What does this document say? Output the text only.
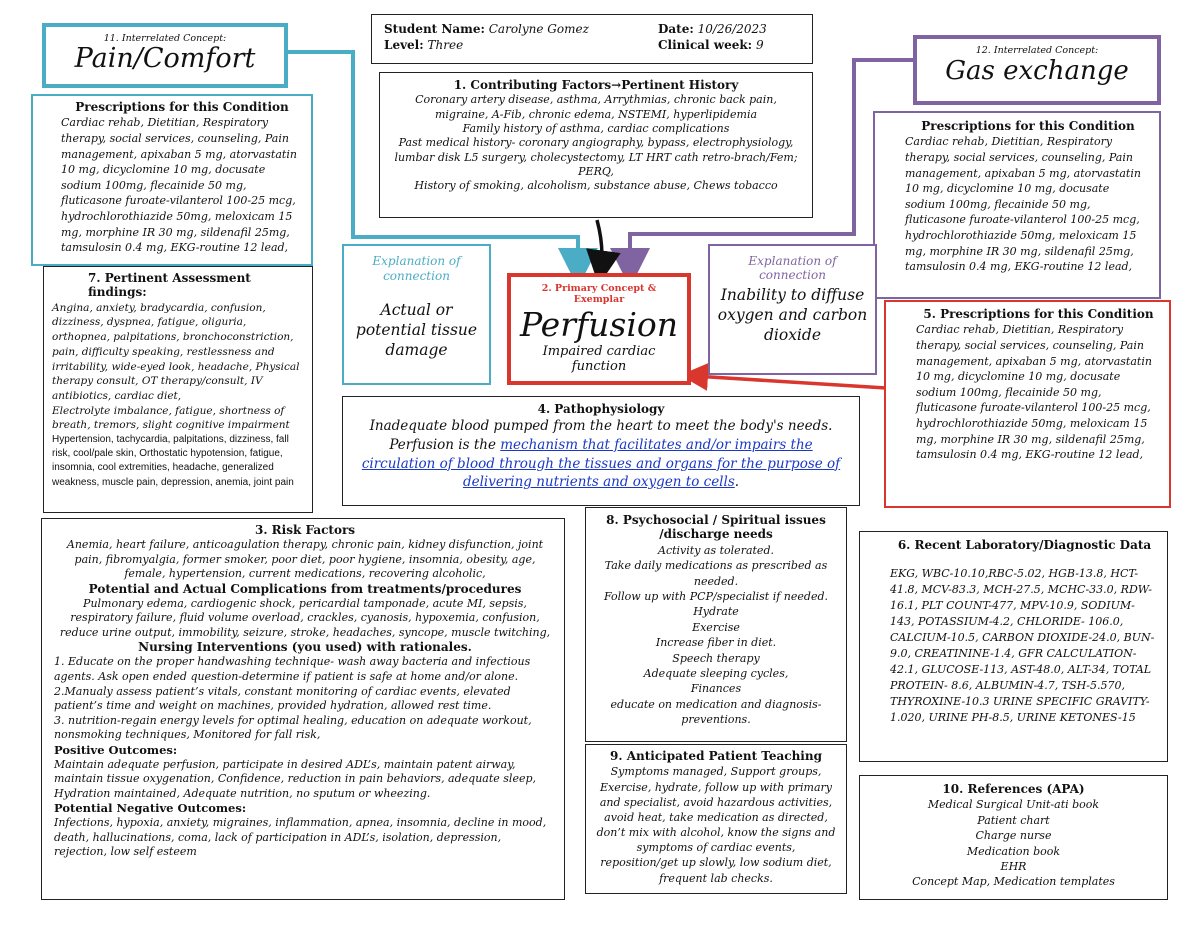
Student Name: Carolyne Gomez
Level: Three
Date: 10/26/2023
Clinical week: 9
11. Interrelated Concept:
Pain/Comfort	12. Interrelated Concept:
Gas exchange
Prescriptions for this Condition
Cardiac rehab, Dietitian, Respiratory therapy, social services, counseling, Pain management, apixaban 5 mg, atorvastatin 10 mg, dicyclomine 10 mg, docusate sodium 100mg, flecainide 50 mg, fluticasone furoate-vilanterol 100-25 mcg, hydrochlorothiazide 50mg, meloxicam 15 mg, morphine IR 30 mg, sildenafil 25mg, tamsulosin 0.4 mg, EKG-routine 12 lead,
Prescriptions for this Condition
Cardiac rehab, Dietitian, Respiratory therapy, social services, counseling, Pain management, apixaban 5 mg, atorvastatin 10 mg, dicyclomine 10 mg, docusate sodium 100mg, flecainide 50 mg, fluticasone furoate-vilanterol 100-25 mcg, hydrochlorothiazide 50mg, meloxicam 15 mg, morphine IR 30 mg, sildenafil 25mg, tamsulosin 0.4 mg, EKG-routine 12 lead,
1. Contributing Factors→Pertinent History
Coronary artery disease, asthma, Arrythmias, chronic back pain, migraine, A-Fib, chronic edema, NSTEMI, hyperlipidemia
Family history of asthma, cardiac complications
Past medical history- coronary angiography, bypass, electrophysiology, lumbar disk L5 surgery, cholecystectomy, LT HRT cath retro-brach/Fem; PERQ,
History of smoking, alcoholism, substance abuse, Chews tobacco
Explanation of connection
Actual or potential tissue damage
Explanation of connection
Inability to diffuse oxygen and carbon dioxide
2. Primary Concept & Exemplar
Perfusion
Impaired cardiac function
5. Prescriptions for this Condition
Cardiac rehab, Dietitian, Respiratory therapy, social services, counseling, Pain management, apixaban 5 mg, atorvastatin 10 mg, dicyclomine 10 mg, docusate sodium 100mg, flecainide 50 mg, fluticasone furoate-vilanterol 100-25 mcg, hydrochlorothiazide 50mg, meloxicam 15 mg, morphine IR 30 mg, sildenafil 25mg, tamsulosin 0.4 mg, EKG-routine 12 lead,
4. Pathophysiology
Inadequate blood pumped from the heart to meet the body's needs. Perfusion is the mechanism that facilitates and/or impairs the circulation of blood through the tissues and organs for the purpose of delivering nutrients and oxygen to cells.
7. Pertinent Assessment findings:
Angina, anxiety, bradycardia, confusion, dizziness, dyspnea, fatigue, oliguria, orthopnea, palpitations, bronchoconstriction, pain, difficulty speaking, restlessness and irritability, wide-eyed look, headache, Physical therapy consult, OT therapy/consult, IV antibiotics, cardiac diet,
Electrolyte imbalance, fatigue, shortness of breath, tremors, slight cognitive impairment
Hypertension, tachycardia, palpitations, dizziness, fall risk, cool/pale skin, Orthostatic hypotension, fatigue, insomnia, cool extremities, headache, generalized weakness, muscle pain, depression, anemia, joint pain
3. Risk Factors
Anemia, heart failure, anticoagulation therapy, chronic pain, kidney disfunction, joint pain, fibromyalgia, former smoker, poor diet, poor hygiene, insomnia, obesity, age, female, hypertension, current medications, recovering alcoholic,
Potential and Actual Complications from treatments/procedures
Pulmonary edema, cardiogenic shock, pericardial tamponade, acute MI, sepsis, respiratory failure, fluid volume overload, crackles, cyanosis, hypoxemia, confusion, reduce urine output, immobility, seizure, stroke, headaches, syncope, muscle twitching,
Nursing Interventions (you used) with rationales.
1. Educate on the proper handwashing technique- wash away bacteria and infectious agents. Ask open ended question-determine if patient is safe at home and/or alone.
2.Manualy assess patient’s vitals, constant monitoring of cardiac events, elevated patient’s time and weight on machines, provided hydration, allowed rest time.
3. nutrition-regain energy levels for optimal healing, education on adequate workout, nonsmoking techniques, Monitored for fall risk,
Positive Outcomes:
Maintain adequate perfusion, participate in desired ADL’s, maintain patent airway, maintain tissue oxygenation, Confidence, reduction in pain behaviors, adequate sleep, Hydration maintained, Adequate nutrition, no sputum or wheezing.
Potential Negative Outcomes:
Infections, hypoxia, anxiety, migraines, inflammation, apnea, insomnia, decline in mood, death, hallucinations, coma, lack of participation in ADL’s, isolation, depression, rejection, low self esteem
8. Psychosocial / Spiritual issues /discharge needs
Activity as tolerated.
Take daily medications as prescribed as needed.
Follow up with PCP/specialist if needed.
Hydrate
Exercise
Increase fiber in diet.
Speech therapy
Adequate sleeping cycles,
Finances
educate on medication and diagnosis-preventions.
9. Anticipated Patient Teaching
Symptoms managed, Support groups, Exercise, hydrate, follow up with primary and specialist, avoid hazardous activities, avoid heat, take medication as directed, don’t mix with alcohol, know the signs and symptoms of cardiac events, reposition/get up slowly, low sodium diet, frequent lab checks.
6. Recent Laboratory/Diagnostic Data
EKG, WBC-10.10,RBC-5.02, HGB-13.8, HCT-41.8, MCV-83.3, MCH-27.5, MCHC-33.0, RDW-16.1, PLT COUNT-477, MPV-10.9, SODIUM-143, POTASSIUM-4.2, CHLORIDE- 106.0, CALCIUM-10.5, CARBON DIOXIDE-24.0, BUN-9.0, CREATININE-1.4, GFR CALCULATION-42.1, GLUCOSE-113, AST-48.0, ALT-34, TOTAL PROTEIN- 8.6, ALBUMIN-4.7, TSH-5.570, THYROXINE-10.3 URINE SPECIFIC GRAVITY-1.020, URINE PH-8.5, URINE KETONES-15
10. References (APA)
Medical Surgical Unit-ati book
Patient chart
Charge nurse
Medication book
EHR
Concept Map, Medication templates
